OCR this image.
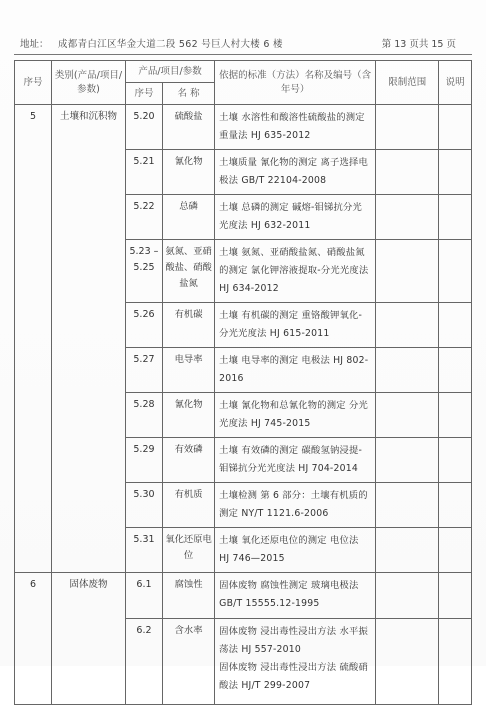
地址： 成都青白江区华金大道二段 562 号巨人村大楼 6 楼	第 13 页共 15 页
序号	类别(产品/项目/参数)	产品/项目/参数		依据的标准（方法）名称及编号（含年号）	限制范围	说明
		序号	名 称			

5	土壤和沉积物	5.20	硫酸盐	土壤 水溶性和酸溶性硫酸盐的测定 重量法 HJ 635-2012		

		5.21	氰化物	土壤质量 氰化物的测定 离子选择电极法 GB/T 22104-2008		

		5.22	总磷	土壤 总磷的测定 碱熔-钼锑抗分光光度法 HJ 632-2011		

		5.23 – 5.25	氨氮、亚硝酸盐、硝酸盐氮	土壤 氨氮、亚硝酸盐氮、硝酸盐氮的测定 氯化钾溶液提取-分光光度法 HJ 634-2012		

		5.26	有机碳	土壤 有机碳的测定 重铬酸钾氧化-分光光度法 HJ 615-2011		

		5.27	电导率	土壤 电导率的测定 电极法 HJ 802-2016		

		5.28	氰化物	土壤 氰化物和总氰化物的测定 分光光度法 HJ 745-2015		

		5.29	有效磷	土壤 有效磷的测定 碳酸氢钠浸提-钼锑抗分光光度法 HJ 704-2014		

		5.30	有机质	土壤检测 第 6 部分：土壤有机质的测定 NY/T 1121.6-2006		

		5.31	氧化还原电位	土壤 氧化还原电位的测定 电位法 HJ 746—2015		

6	固体废物	6.1	腐蚀性	固体废物 腐蚀性测定 玻璃电极法 GB/T 15555.12-1995		

		6.2	含水率	固体废物 浸出毒性浸出方法 水平振荡法 HJ 557-2010
固体废物 浸出毒性浸出方法 硫酸硝酸法 HJ/T 299-2007		
